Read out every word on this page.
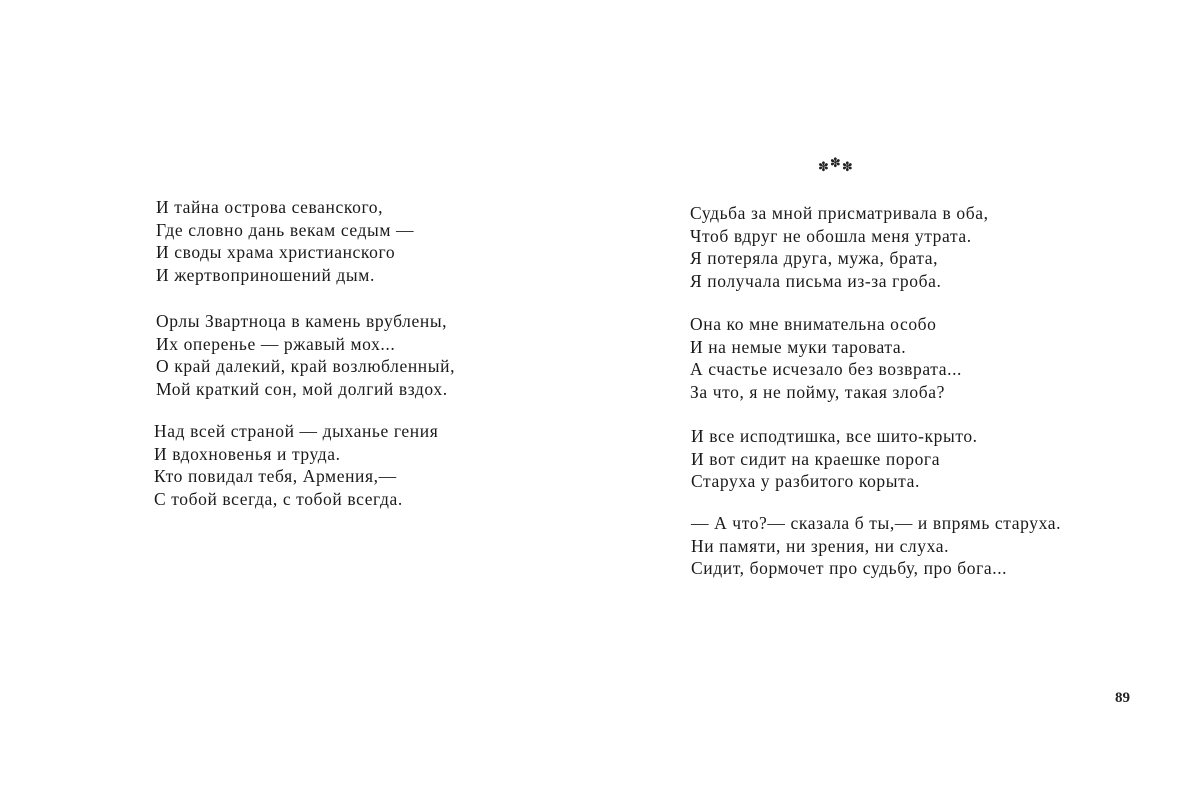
И тайна острова севанского,
Где словно дань векам седым —
И своды храма христианского
И жертвоприношений дым.
Орлы Звартноца в камень врублены,
Их оперенье — ржавый мох...
О край далекий, край возлюбленный,
Мой краткий сон, мой долгий вздох.
Над всей страной — дыханье гения
И вдохновенья и труда.
Кто повидал тебя, Армения,—
С тобой всегда, с тобой всегда.
✽✽✽
Судьба за мной присматривала в оба,
Чтоб вдруг не обошла меня утрата.
Я потеряла друга, мужа, брата,
Я получала письма из-за гроба.
Она ко мне внимательна особо
И на немые муки таровата.
А счастье исчезало без возврата...
За что, я не пойму, такая злоба?
И все исподтишка, все шито-крыто.
И вот сидит на краешке порога
Старуха у разбитого корыта.
— А что?— сказала б ты,— и впрямь старуха.
Ни памяти, ни зрения, ни слуха.
Сидит, бормочет про судьбу, про бога...
89
